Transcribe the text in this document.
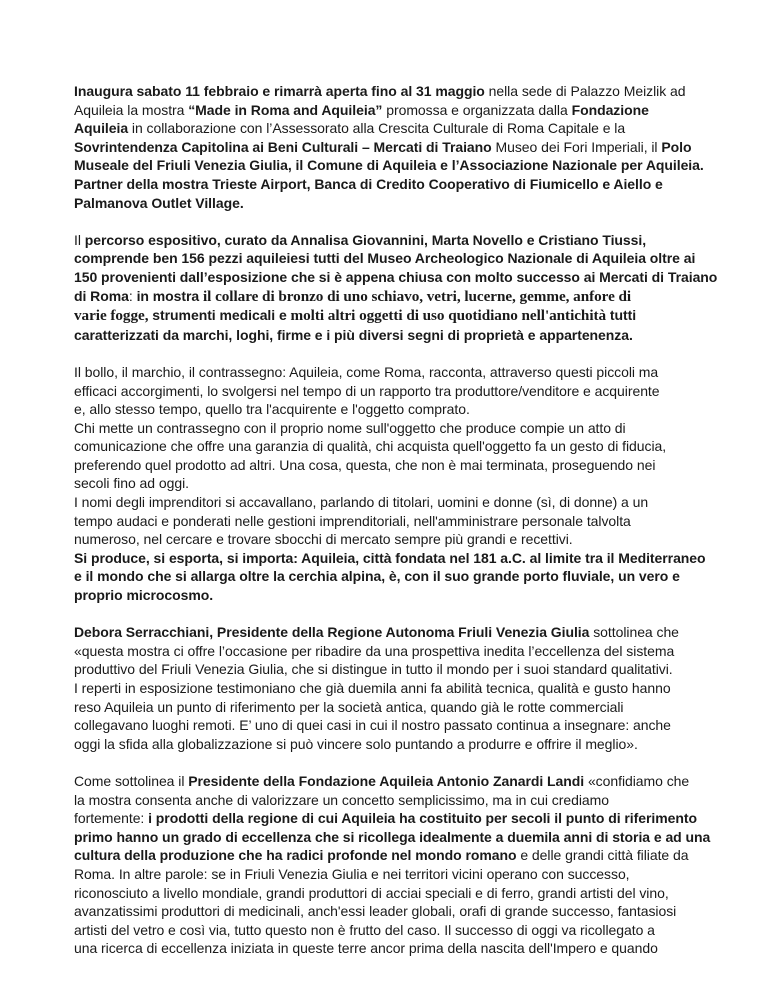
Inaugura sabato 11 febbraio e rimarrà aperta fino al 31 maggio nella sede di Palazzo Meizlik ad
Aquileia la mostra “Made in Roma and Aquileia” promossa e organizzata dalla Fondazione
Aquileia in collaborazione con l’Assessorato alla Crescita Culturale di Roma Capitale e la
Sovrintendenza Capitolina ai Beni Culturali – Mercati di Traiano Museo dei Fori Imperiali, il Polo
Museale del Friuli Venezia Giulia, il Comune di Aquileia e l’Associazione Nazionale per Aquileia.
Partner della mostra Trieste Airport, Banca di Credito Cooperativo di Fiumicello e Aiello e
Palmanova Outlet Village.
Il percorso espositivo, curato da Annalisa Giovannini, Marta Novello e Cristiano Tiussi,
comprende ben 156 pezzi aquileiesi tutti del Museo Archeologico Nazionale di Aquileia oltre ai
150 provenienti dall’esposizione che si è appena chiusa con molto successo ai Mercati di Traiano
di Roma: in mostra il collare di bronzo di uno schiavo, vetri, lucerne, gemme, anfore di
varie fogge, strumenti medicali e molti altri oggetti di uso quotidiano nell'antichità tutti
caratterizzati da marchi, loghi, firme e i più diversi segni di proprietà e appartenenza.
Il bollo, il marchio, il contrassegno: Aquileia, come Roma, racconta, attraverso questi piccoli ma
efficaci accorgimenti, lo svolgersi nel tempo di un rapporto tra produttore/venditore e acquirente
e, allo stesso tempo, quello tra l'acquirente e l'oggetto comprato.
Chi mette un contrassegno con il proprio nome sull'oggetto che produce compie un atto di
comunicazione che offre una garanzia di qualità, chi acquista quell'oggetto fa un gesto di fiducia,
preferendo quel prodotto ad altri. Una cosa, questa, che non è mai terminata, proseguendo nei
secoli fino ad oggi.
I nomi degli imprenditori si accavallano, parlando di titolari, uomini e donne (sì, di donne) a un
tempo audaci e ponderati nelle gestioni imprenditoriali, nell'amministrare personale talvolta
numeroso, nel cercare e trovare sbocchi di mercato sempre più grandi e recettivi.
Si produce, si esporta, si importa: Aquileia, città fondata nel 181 a.C. al limite tra il Mediterraneo
e il mondo che si allarga oltre la cerchia alpina, è, con il suo grande porto fluviale, un vero e
proprio microcosmo.
Debora Serracchiani, Presidente della Regione Autonoma Friuli Venezia Giulia sottolinea che
«questa mostra ci offre l’occasione per ribadire da una prospettiva inedita l’eccellenza del sistema
produttivo del Friuli Venezia Giulia, che si distingue in tutto il mondo per i suoi standard qualitativi.
I reperti in esposizione testimoniano che già duemila anni fa abilità tecnica, qualità e gusto hanno
reso Aquileia un punto di riferimento per la società antica, quando già le rotte commerciali
collegavano luoghi remoti. E’ uno di quei casi in cui il nostro passato continua a insegnare: anche
oggi la sfida alla globalizzazione si può vincere solo puntando a produrre e offrire il meglio».
Come sottolinea il Presidente della Fondazione Aquileia Antonio Zanardi Landi «confidiamo che
la mostra consenta anche di valorizzare un concetto semplicissimo, ma in cui crediamo
fortemente: i prodotti della regione di cui Aquileia ha costituito per secoli il punto di riferimento
primo hanno un grado di eccellenza che si ricollega idealmente a duemila anni di storia e ad una
cultura della produzione che ha radici profonde nel mondo romano e delle grandi città filiate da
Roma. In altre parole: se in Friuli Venezia Giulia e nei territori vicini operano con successo,
riconosciuto a livello mondiale, grandi produttori di acciai speciali e di ferro, grandi artisti del vino,
avanzatissimi produttori di medicinali, anch'essi leader globali, orafi di grande successo, fantasiosi
artisti del vetro e così via, tutto questo non è frutto del caso. Il successo di oggi va ricollegato a
una ricerca di eccellenza iniziata in queste terre ancor prima della nascita dell'Impero e quando
